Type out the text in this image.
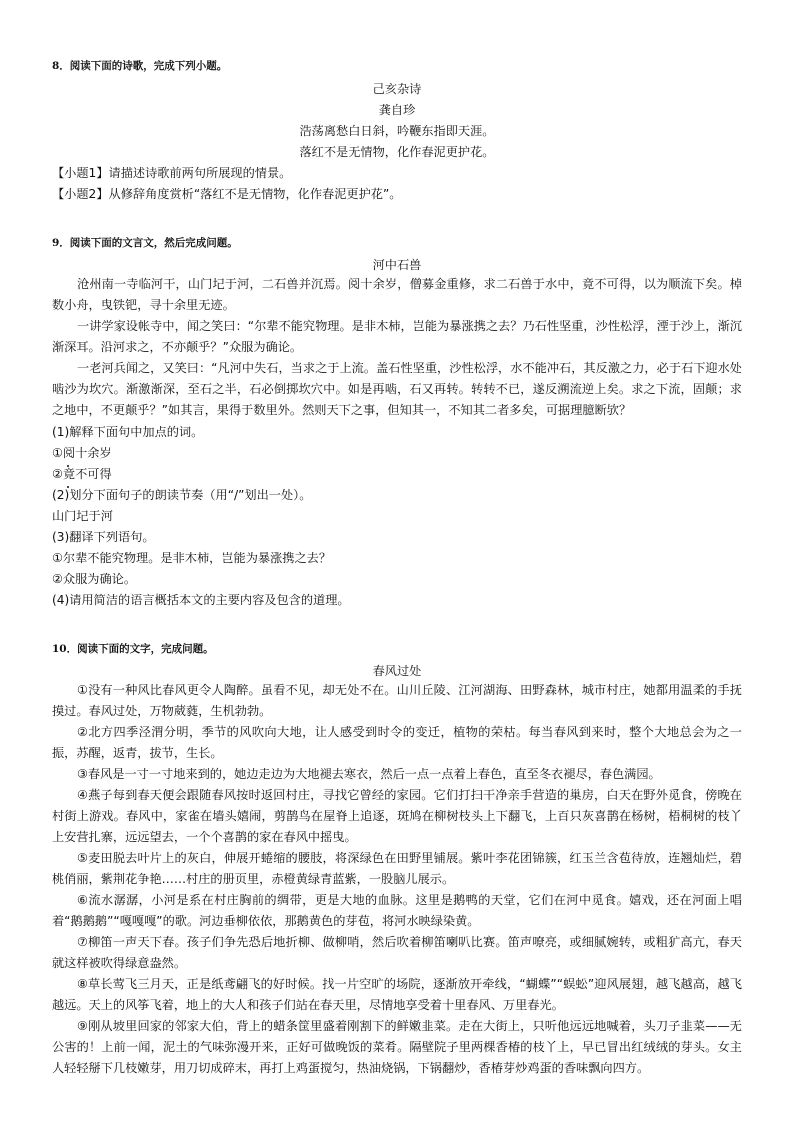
8．阅读下面的诗歌，完成下列小题。
己亥杂诗
龚自珍
浩荡离愁白日斜，吟鞭东指即天涯。
落红不是无情物，化作春泥更护花。
【小题1】请描述诗歌前两句所展现的情景。
【小题2】从修辞角度赏析“落红不是无情物，化作春泥更护花”。
9．阅读下面的文言文，然后完成问题。
河中石兽
沧州南一寺临河干，山门圮于河，二石兽并沉焉。阅十余岁，僧募金重修，求二石兽于水中，竟不可得，以为顺流下矣。棹数小舟，曳铁钯，寻十余里无迹。
一讲学家设帐寺中，闻之笑曰：“尔辈不能究物理。是非木柿，岂能为暴涨携之去？乃石性坚重，沙性松浮，湮于沙上，渐沉渐深耳。沿河求之，不亦颠乎？”众服为确论。
一老河兵闻之，又笑曰：“凡河中失石，当求之于上流。盖石性坚重，沙性松浮，水不能冲石，其反激之力，必于石下迎水处啮沙为坎穴。渐激渐深，至石之半，石必倒掷坎穴中。如是再啮，石又再转。转转不已，遂反溯流逆上矣。求之下流，固颠；求之地中，不更颠乎？”如其言，果得于数里外。然则天下之事，但知其一，不知其二者多矣，可据理臆断欤？
(1)解释下面句中加点的词。
①阅十余岁
②竟不可得
(2)划分下面句子的朗读节奏（用“/”划出一处）。
山门圮于河
(3)翻译下列语句。
①尔辈不能究物理。是非木柿，岂能为暴涨携之去？
②众服为确论。
(4)请用简洁的语言概括本文的主要内容及包含的道理。
10．阅读下面的文字，完成问题。
春风过处
①没有一种风比春风更令人陶醉。虽看不见，却无处不在。山川丘陵、江河湖海、田野森林，城市村庄，她都用温柔的手抚摸过。春风过处，万物葳蕤，生机勃勃。
②北方四季泾渭分明，季节的风吹向大地，让人感受到时令的变迁，植物的荣枯。每当春风到来时，整个大地总会为之一振，苏醒，返青，拔节，生长。
③春风是一寸一寸地来到的，她边走边为大地褪去寒衣，然后一点一点着上春色，直至冬衣褪尽，春色满园。
④燕子每到春天便会跟随春风按时返回村庄，寻找它曾经的家园。它们打扫干净亲手营造的巢房，白天在野外觅食，傍晚在村街上游戏。春风中，家雀在墙头嬉闹，剪鹊鸟在屋脊上追逐，斑鸠在柳树枝头上下翻飞，上百只灰喜鹊在杨树，梧桐树的枝丫上安营扎寨，远远望去，一个个喜鹊的家在春风中摇曳。
⑤麦田脱去叶片上的灰白，伸展开蜷缩的腰肢，将深绿色在田野里铺展。紫叶李花团锦簇，红玉兰含苞待放，连翘灿烂，碧桃俏丽，紫荆花争艳……村庄的册页里，赤橙黄绿青蓝紫，一股脑儿展示。
⑥流水潺潺，小河是系在村庄胸前的绸带，更是大地的血脉。这里是鹅鸭的天堂，它们在河中觅食。嬉戏，还在河面上唱着“鹅鹅鹅”“嘎嘎嘎”的歌。河边垂柳依依，那鹅黄色的芽苞，将河水映绿染黄。
⑦柳笛一声天下春。孩子们争先恐后地折柳、做柳哨，然后吹着柳笛喇叭比赛。笛声嘹亮，或细腻婉转，或粗犷高亢，春天就这样被吹得绿意盎然。
⑧草长莺飞三月天，正是纸鸢翩飞的好时候。找一片空旷的场院，逐渐放开牵线，“蝴蝶”“蜈蚣”迎风展翅，越飞越高，越飞越远。天上的风筝飞着，地上的大人和孩子们站在春天里，尽情地享受着十里春风、万里春光。
⑨刚从坡里回家的邻家大伯，背上的蜡条筐里盛着刚割下的鲜嫩韭菜。走在大街上，只听他远远地喊着，头刀子韭菜——无公害的！上前一闻，泥土的气味弥漫开来，正好可做晚饭的菜肴。隔壁院子里两棵香椿的枝丫上，早已冒出红绒绒的芽头。女主人轻轻掰下几枝嫩芽，用刀切成碎末，再打上鸡蛋搅匀，热油烧锅，下锅翻炒，香椿芽炒鸡蛋的香味飘向四方。
